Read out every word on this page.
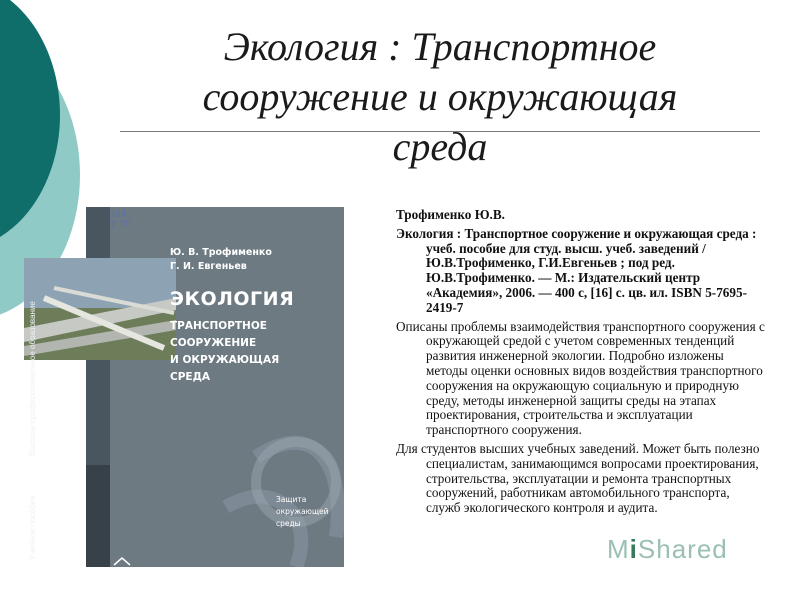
Экология : Транспортное
сооружение и окружающая
среда
504
Т 76
Высшее профессиональное образование
Учебное пособие
Ю. В. Трофименко
Г. И. Евгеньев
ЭКОЛОГИЯ
ТРАНСПОРТНОЕ
СООРУЖЕНИЕ
И ОКРУЖАЮЩАЯ
СРЕДА
Защита
окружающей
среды

Трофименко Ю.В.

Экология : Транспортное сооружение и окружающая среда : учеб. пособие для студ. высш. учеб. заведений / Ю.В.Трофименко, Г.И.Евгеньев ; под ред. Ю.В.Трофименко. — М.: Издательский центр «Академия», 2006. — 400 с, [16] с. цв. ил. ISBN 5-7695-2419-7

Описаны проблемы взаимодействия транспортного сооружения с окружающей средой с учетом современных тенденций развития инженерной экологии. Подробно изложены методы оценки основных видов воздействия транспортного сооружения на окружающую социальную и природную среду, методы инженерной защиты среды на этапах проектирования, строительства и эксплуатации транспортного сооружения.

Для студентов высших учебных заведений. Может быть полезно специалистам, занимающимся вопросами проектирования, строительства, эксплуатации и ремонта транспортных сооружений, работникам автомобильного транспорта, служб экологического контроля и аудита.

MiShared
